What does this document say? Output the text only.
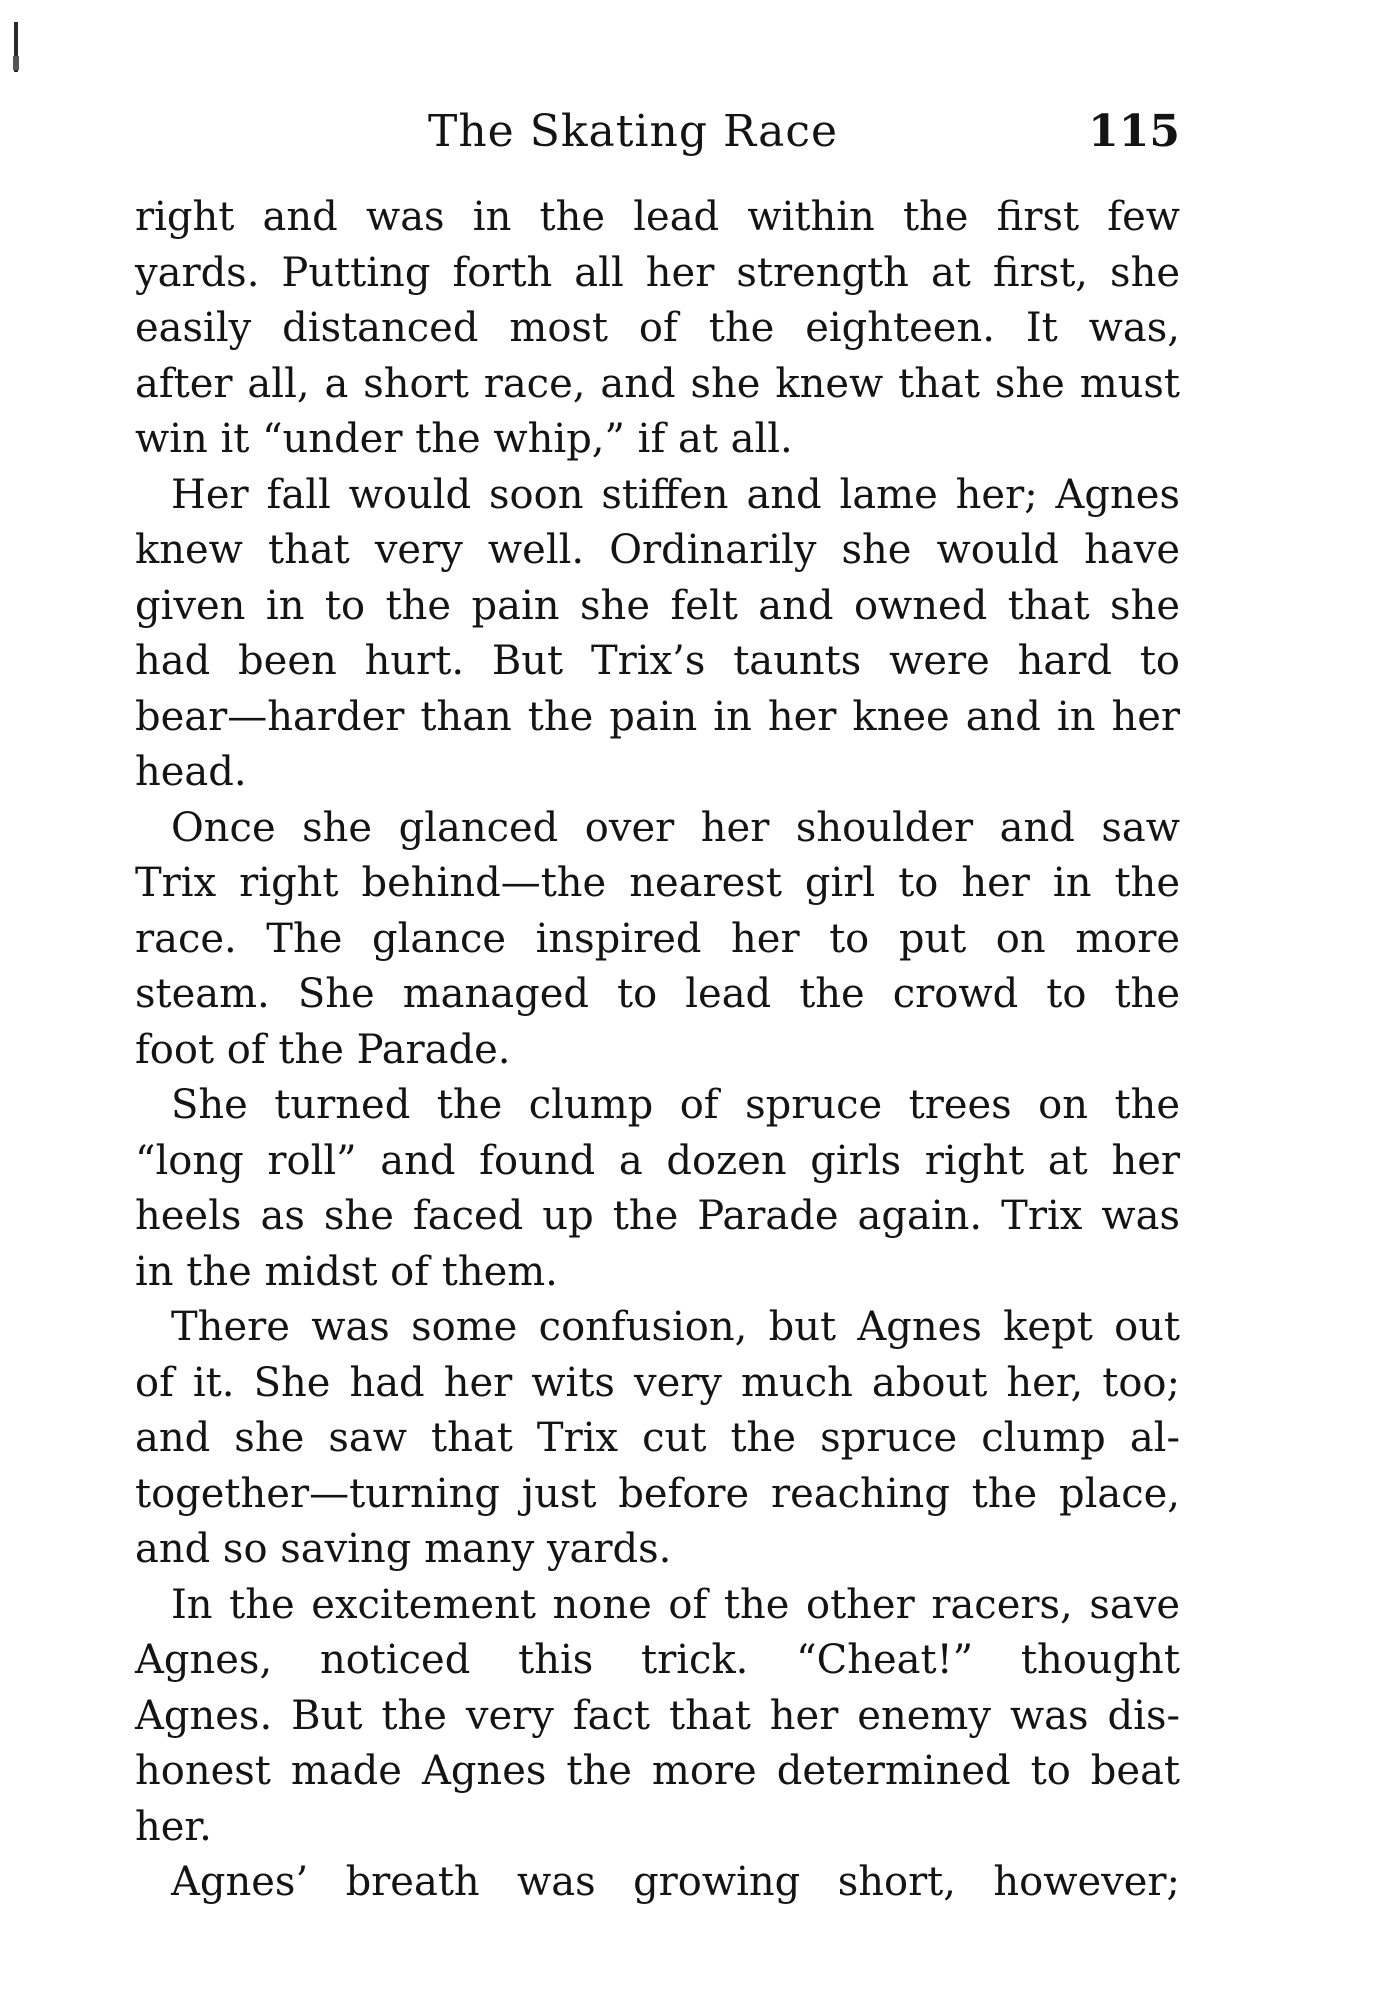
The Skating Race	115
right and was in the lead within the first few
yards. Putting forth all her strength at first, she
easily distanced most of the eighteen. It was,
after all, a short race, and she knew that she must
win it “under the whip,” if at all.
Her fall would soon stiffen and lame her; Agnes
knew that very well. Ordinarily she would have
given in to the pain she felt and owned that she
had been hurt. But Trix’s taunts were hard to
bear—harder than the pain in her knee and in her
head.
Once she glanced over her shoulder and saw
Trix right behind—the nearest girl to her in the
race. The glance inspired her to put on more
steam. She managed to lead the crowd to the
foot of the Parade.
She turned the clump of spruce trees on the
“long roll” and found a dozen girls right at her
heels as she faced up the Parade again. Trix was
in the midst of them.
There was some confusion, but Agnes kept out
of it. She had her wits very much about her, too;
and she saw that Trix cut the spruce clump al-
together—turning just before reaching the place,
and so saving many yards.
In the excitement none of the other racers, save
Agnes, noticed this trick. “Cheat!” thought
Agnes. But the very fact that her enemy was dis-
honest made Agnes the more determined to beat
her.
Agnes’ breath was growing short, however;
